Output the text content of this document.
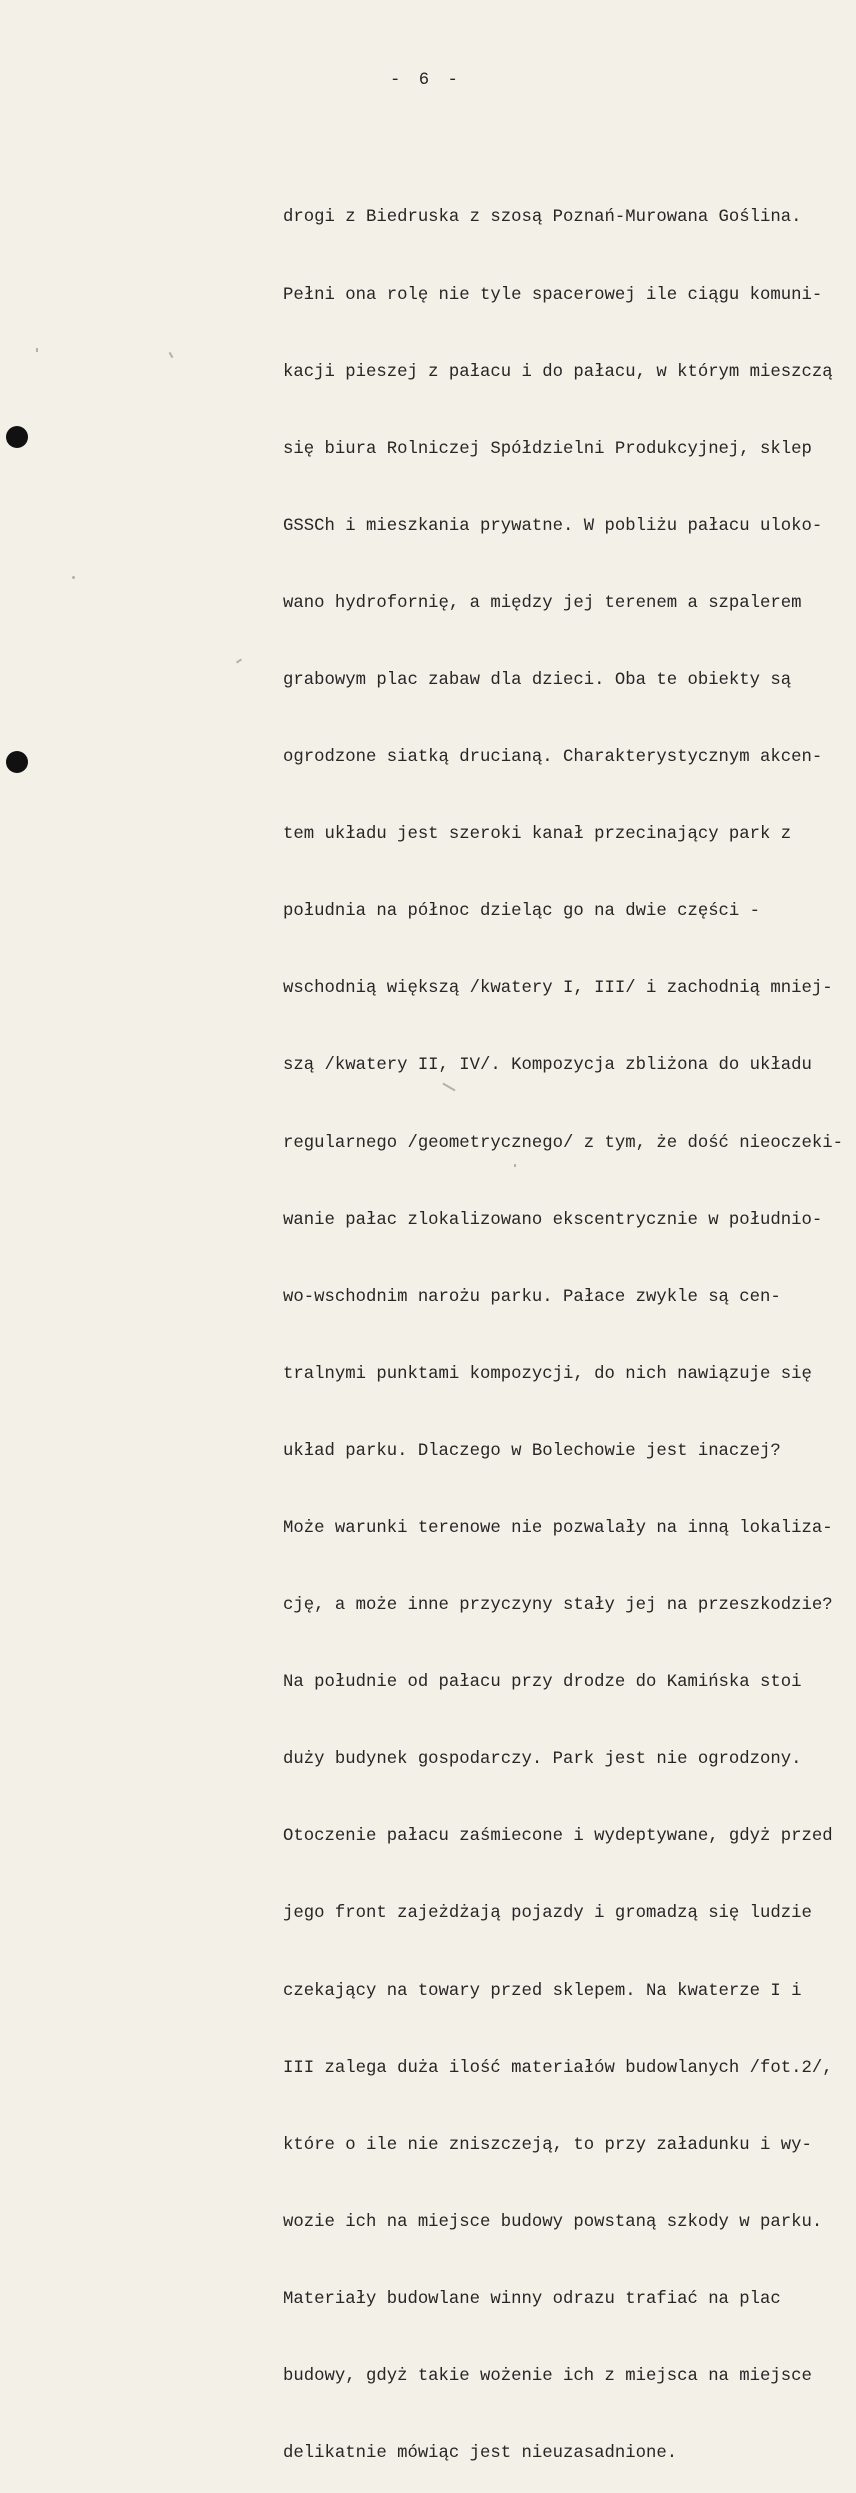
- 6 -

drogi z Biedruska z szosą Poznań-Murowana Goślina.

Pełni ona rolę nie tyle spacerowej ile ciągu komuni-

kacji pieszej z pałacu i do pałacu, w którym mieszczą

się biura Rolniczej Spółdzielni Produkcyjnej, sklep

GSSCh i mieszkania prywatne. W pobliżu pałacu uloko-

wano hydrofornię, a między jej terenem a szpalerem

grabowym plac zabaw dla dzieci. Oba te obiekty są

ogrodzone siatką drucianą. Charakterystycznym akcen-

tem układu jest szeroki kanał przecinający park z

południa na północ dzieląc go na dwie części -

wschodnią większą /kwatery I, III/ i zachodnią mniej-

szą /kwatery II, IV/. Kompozycja zbliżona do układu

regularnego /geometrycznego/ z tym, że dość nieoczeki-

wanie pałac zlokalizowano ekscentrycznie w południo-

wo-wschodnim narożu parku. Pałace zwykle są cen-

tralnymi punktami kompozycji, do nich nawiązuje się

układ parku. Dlaczego w Bolechowie jest inaczej?

Może warunki terenowe nie pozwalały na inną lokaliza-

cję, a może inne przyczyny stały jej na przeszkodzie?

Na południe od pałacu przy drodze do Kamińska stoi

duży budynek gospodarczy. Park jest nie ogrodzony.

Otoczenie pałacu zaśmiecone i wydeptywane, gdyż przed

jego front zajeżdżają pojazdy i gromadzą się ludzie

czekający na towary przed sklepem. Na kwaterze I i

III zalega duża ilość materiałów budowlanych /fot.2/,

które o ile nie zniszczeją, to przy załadunku i wy-

wozie ich na miejsce budowy powstaną szkody w parku.

Materiały budowlane winny odrazu trafiać na plac

budowy, gdyż takie wożenie ich z miejsca na miejsce

delikatnie mówiąc jest nieuzasadnione.
